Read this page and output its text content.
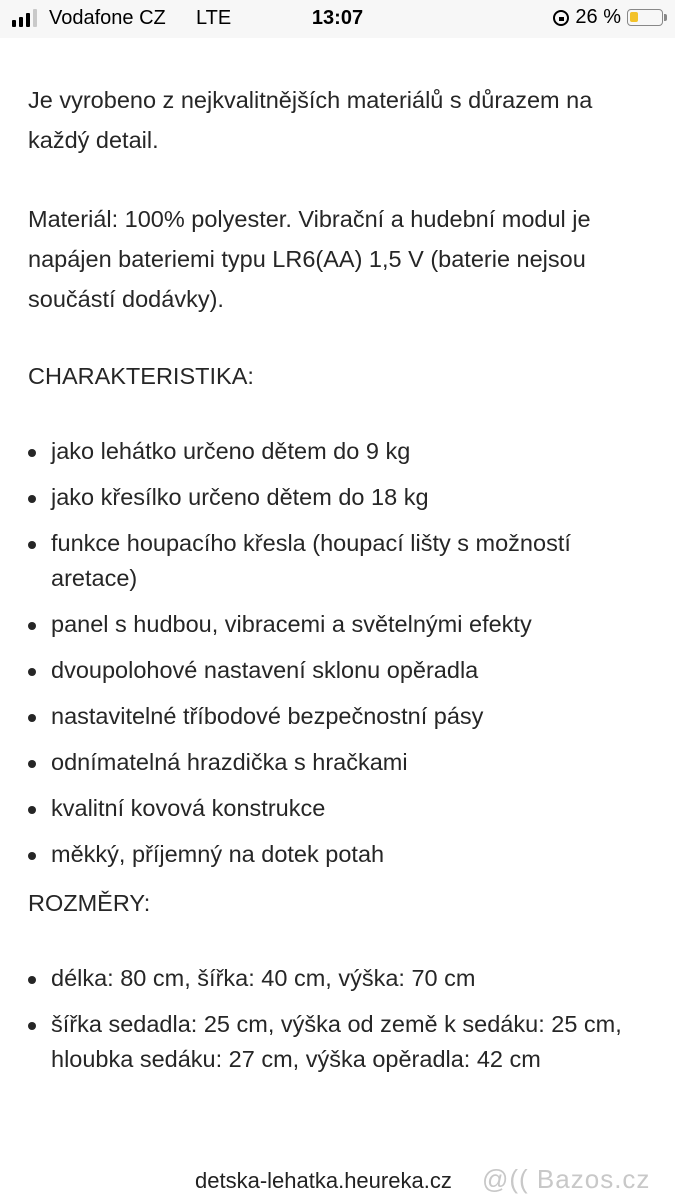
Vodafone CZ LTE	13:07	26 %

Je vyrobeno z nejkvalitnějších materiálů s důrazem na každý detail.

Materiál: 100% polyester. Vibrační a hudební modul je napájen bateriemi typu LR6(AA) 1,5 V (baterie nejsou součástí dodávky).

CHARAKTERISTIKA:

jako lehátko určeno dětem do 9 kg
jako křesílko určeno dětem do 18 kg
funkce houpacího křesla (houpací lišty s možností aretace)
panel s hudbou, vibracemi a světelnými efekty
dvoupolohové nastavení sklonu opěradla
nastavitelné tříbodové bezpečnostní pásy
odnímatelná hrazdička s hračkami
kvalitní kovová konstrukce
měkký, příjemný na dotek potah

ROZMĚRY:

délka: 80 cm, šířka: 40 cm, výška: 70 cm
šířka sedadla: 25 cm, výška od země k sedáku: 25 cm, hloubka sedáku: 27 cm, výška opěradla: 42 cm
detska-lehatka.heureka.cz @(( Bazos.cz
